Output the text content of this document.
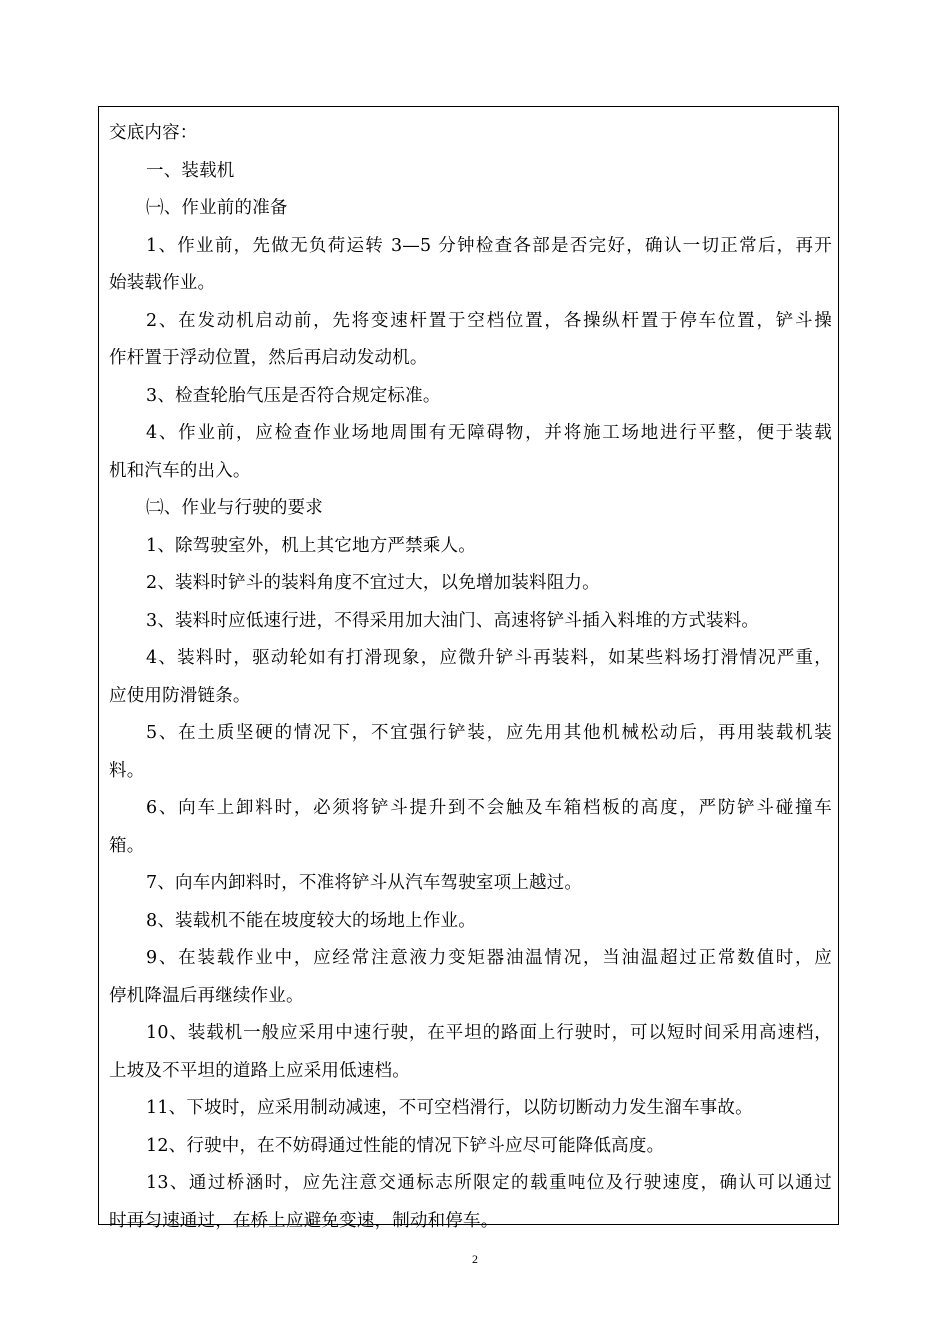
交底内容：
一、装载机
㈠、作业前的准备
1、作业前，先做无负荷运转 3—5 分钟检查各部是否完好，确认一切正常后，再开
始装载作业。
2、在发动机启动前，先将变速杆置于空档位置，各操纵杆置于停车位置，铲斗操
作杆置于浮动位置，然后再启动发动机。
3、检查轮胎气压是否符合规定标准。
4、作业前，应检查作业场地周围有无障碍物，并将施工场地进行平整，便于装载
机和汽车的出入。
㈡、作业与行驶的要求
1、除驾驶室外，机上其它地方严禁乘人。
2、装料时铲斗的装料角度不宜过大，以免增加装料阻力。
3、装料时应低速行进，不得采用加大油门、高速将铲斗插入料堆的方式装料。
4、装料时，驱动轮如有打滑现象，应微升铲斗再装料，如某些料场打滑情况严重，
应使用防滑链条。
5、在土质坚硬的情况下，不宜强行铲装，应先用其他机械松动后，再用装载机装
料。
6、向车上卸料时，必须将铲斗提升到不会触及车箱档板的高度，严防铲斗碰撞车
箱。
7、向车内卸料时，不准将铲斗从汽车驾驶室项上越过。
8、装载机不能在坡度较大的场地上作业。
9、在装载作业中，应经常注意液力变矩器油温情况，当油温超过正常数值时，应
停机降温后再继续作业。
10、装载机一般应采用中速行驶，在平坦的路面上行驶时，可以短时间采用高速档，
上坡及不平坦的道路上应采用低速档。
11、下坡时，应采用制动减速，不可空档滑行，以防切断动力发生溜车事故。
12、行驶中，在不妨碍通过性能的情况下铲斗应尽可能降低高度。
13、通过桥涵时，应先注意交通标志所限定的载重吨位及行驶速度，确认可以通过
时再匀速通过，在桥上应避免变速，制动和停车。
2
